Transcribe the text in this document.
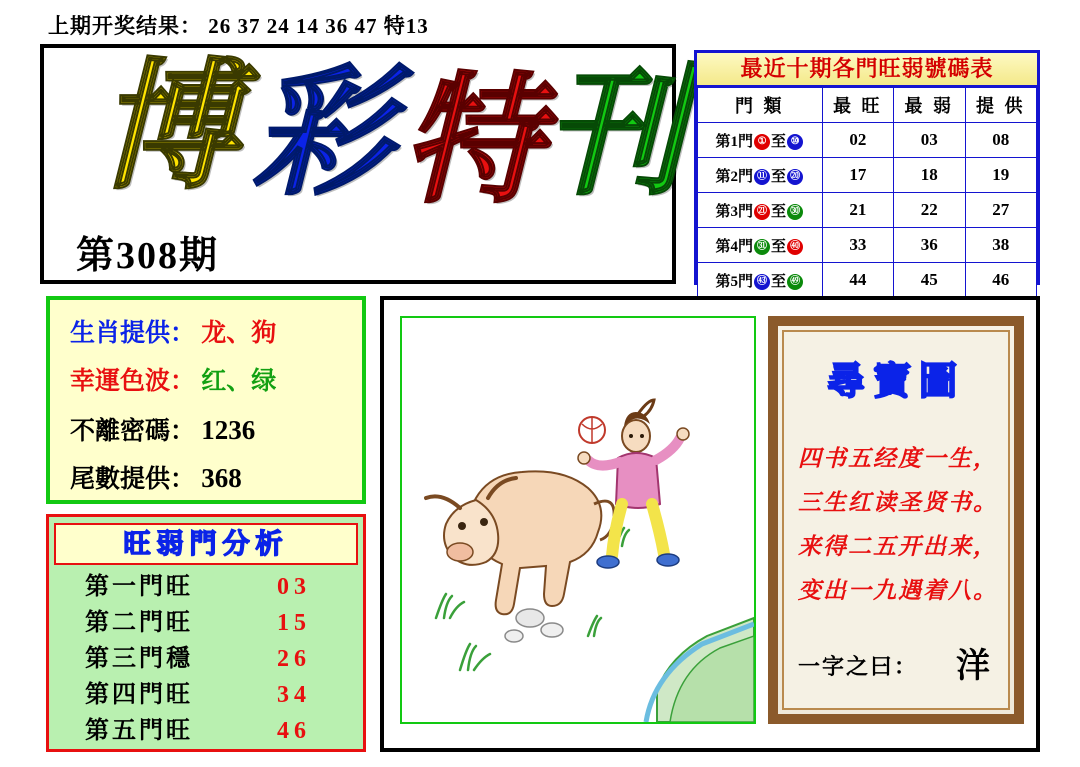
上期开奖结果： 26 37 24 14 36 47 特13
博 彩 特 刊
第308期
最近十期各門旺弱號碼表
門 類	最 旺	最 弱	提 供
第1門 ① 至 ⑩	02	03	08
第2門 ⑪ 至 ⑳	17	18	19
第3門 ㉑ 至 ㉚	21	22	27
第4門 ㉛ 至 ㊵	33	36	38
第5門 ㊸ 至 ㊾	44	45	46
生肖提供： 龙、狗
幸運色波： 红、绿
不離密碼： 1236
尾數提供： 368
旺弱門分析
第一門旺	03
第二門旺	15
第三門穩	26
第四門旺	34
第五門旺	46
尋寶圖
四书五经度一生，
三生红读圣贤书。
来得二五开出来，
变出一九遇着八。
一字之曰：	洋
